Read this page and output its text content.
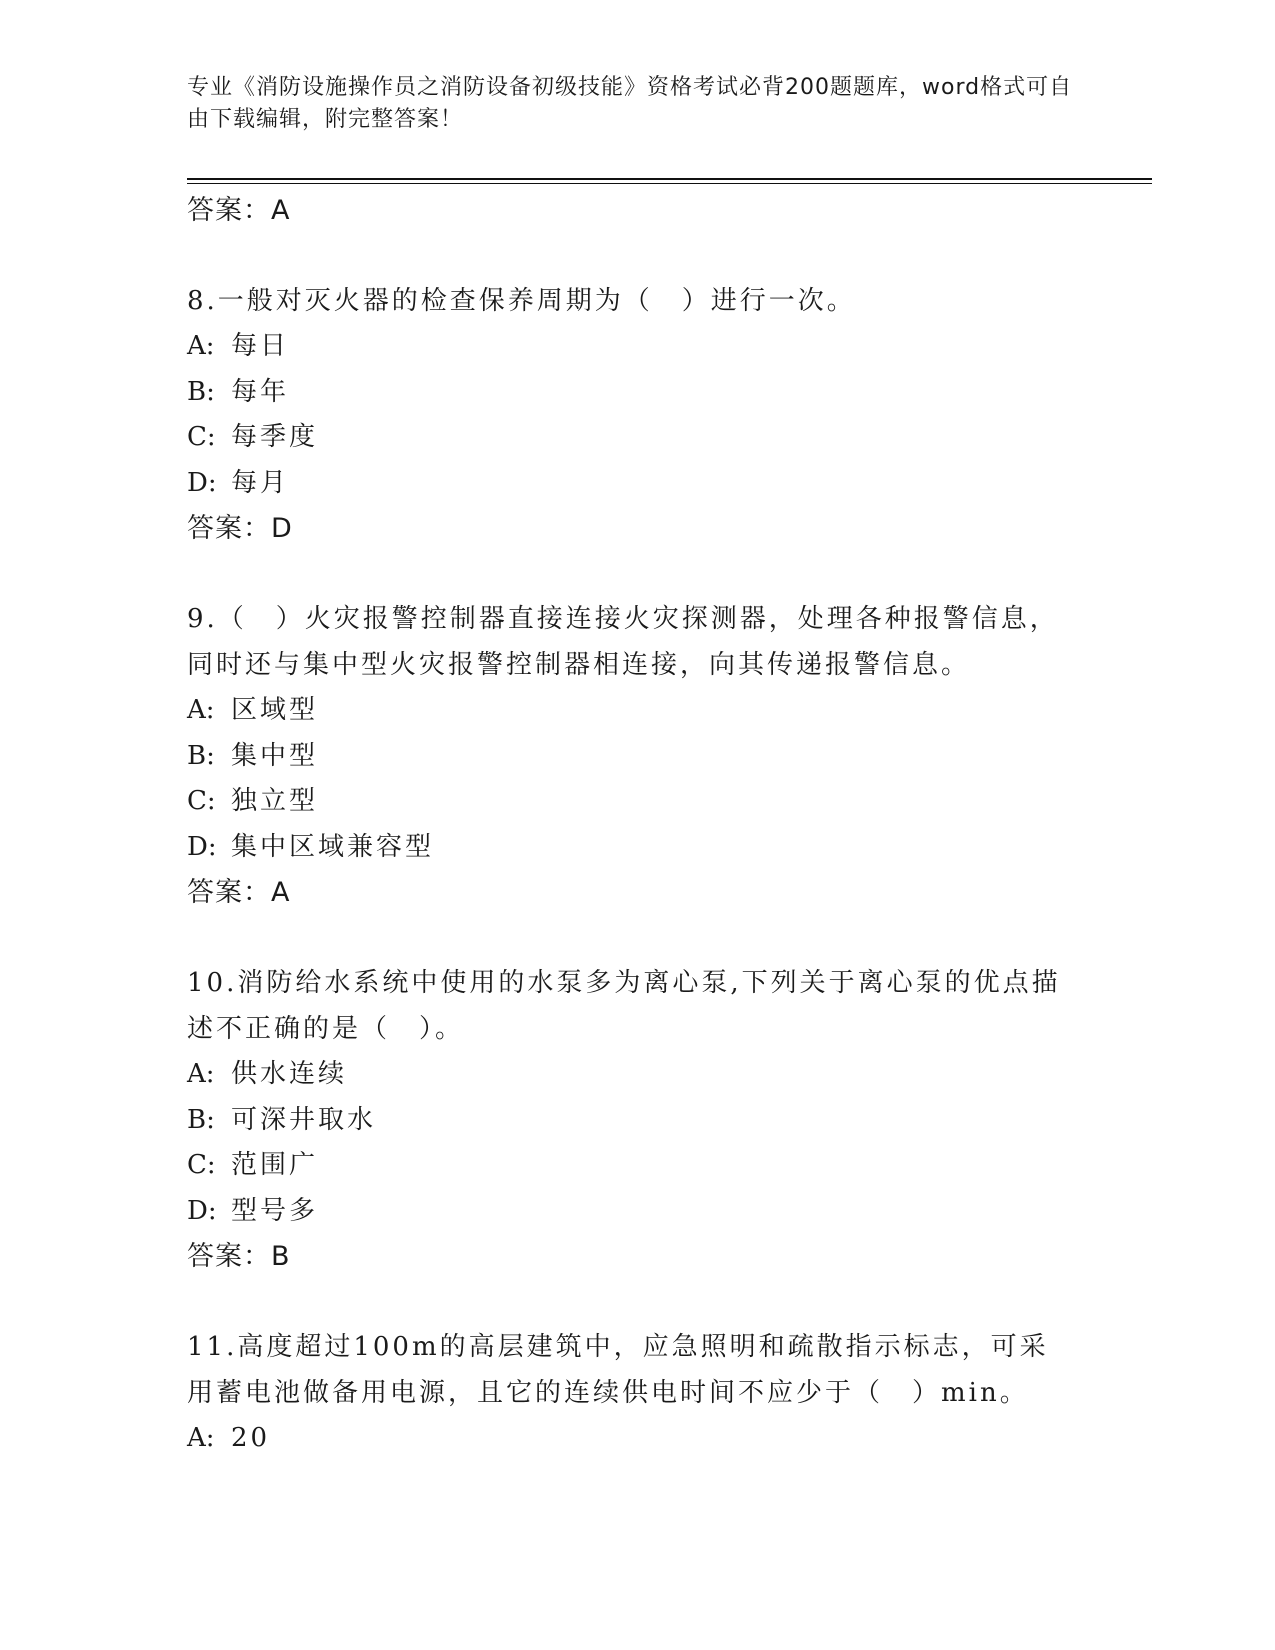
专业《消防设施操作员之消防设备初级技能》资格考试必背200题题库，word格式可自由下载编辑，附完整答案！
答案：A
8.一般对灭火器的检查保养周期为（　）进行一次。
A: 每日
B: 每年
C: 每季度
D: 每月
答案：D
9.（　）火灾报警控制器直接连接火灾探测器，处理各种报警信息，同时还与集中型火灾报警控制器相连接，向其传递报警信息。
A: 区域型
B: 集中型
C: 独立型
D: 集中区域兼容型
答案：A
10.消防给水系统中使用的水泵多为离心泵,下列关于离心泵的优点描述不正确的是（　）。
A: 供水连续
B: 可深井取水
C: 范围广
D: 型号多
答案：B
11.高度超过100m的高层建筑中，应急照明和疏散指示标志，可采用蓄电池做备用电源，且它的连续供电时间不应少于（　）min。
A: 20
